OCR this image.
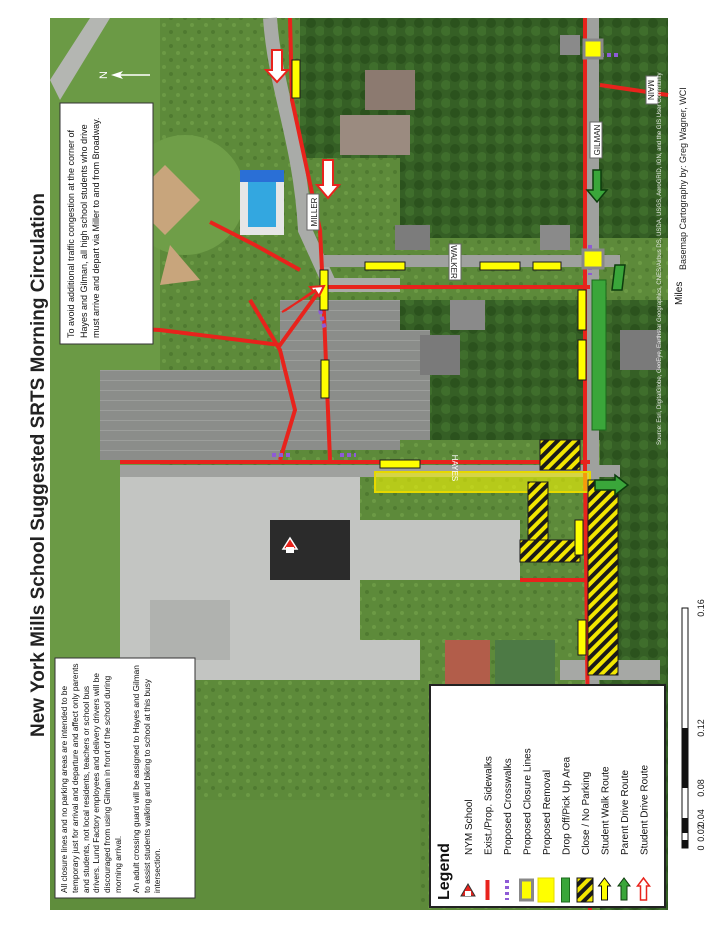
MILLER
WALKER
GILMAN
MAIN
HAYES
N
To avoid additional traffic congestion at the corner of Hayes and Gilman, all high school students who drive must arrive and depart via Miller to and from Broadway.
All closure lines and no parking areas are intended to be temporary just for arrival and departure and affect only parents and students, not local residents, teachers or school bus drivers. Lund Factory employees and delivery drivers will be discouraged from using Gilman in front of the school during morning arrival. An adult crossing guard will be assigned to Hayes and Gilman to assist students walking and biking to school at this busy intersection.	Legend
NYM School Exist./Prop. Sidewalks Proposed Crosswalks Proposed Closure Lines Proposed Removal Drop Off/Pick Up Area Close / No Parking Student Walk Route Parent Drive Route Student Drive Route
Miles
0
0.02
0.04
0.08
0.12
0.16
Basemap Cartography by: Greg Wagner, WCI
Source: Esri, DigitalGlobe, GeoEye, Earthstar Geographics, CNES/Airbus DS, USDA, USGS, AeroGRID, IGN, and the GIS User Community
New York Mills School Suggested SRTS Morning Circulation
